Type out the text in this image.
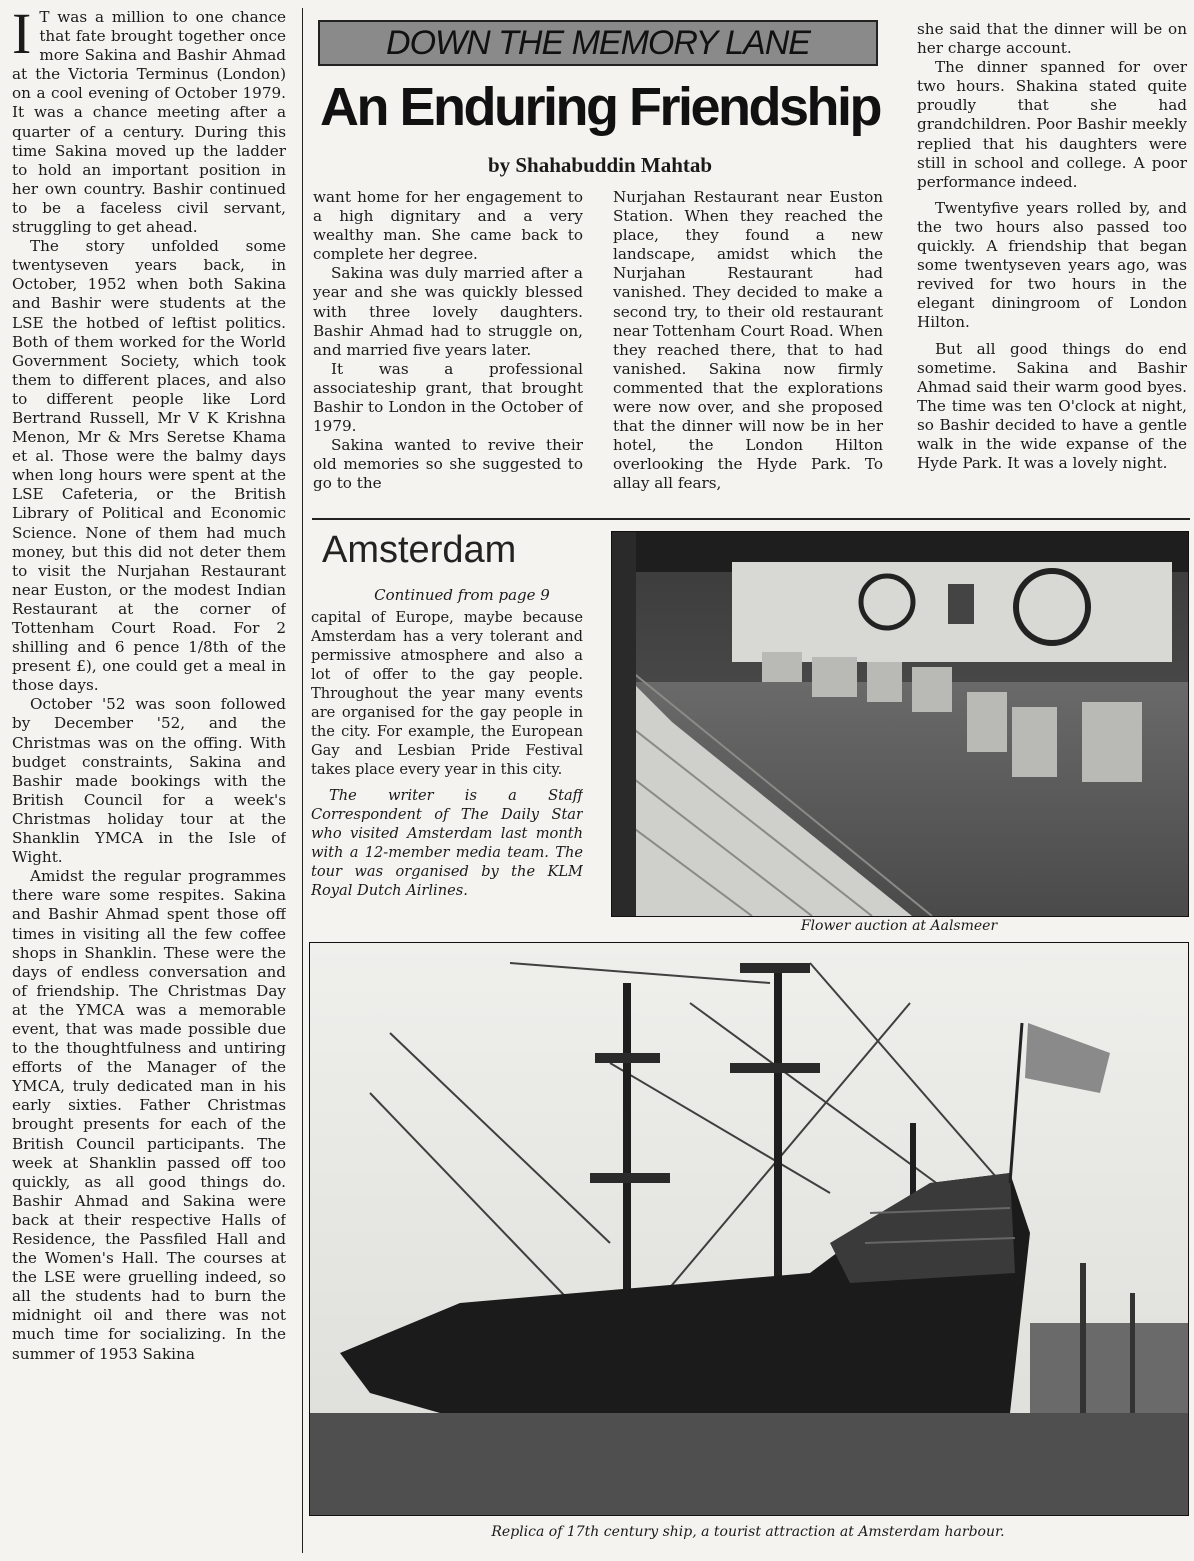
I T was a million to one chance that fate brought together once more Sakina and Bashir Ahmad at the Victoria Terminus (London) on a cool evening of October 1979. It was a chance meeting after a quarter of a century. During this time Sakina moved up the ladder to hold an important position in her own country. Bashir continued to be a faceless civil servant, struggling to get ahead.

The story unfolded some twentyseven years back, in October, 1952 when both Sakina and Bashir were students at the LSE the hotbed of leftist politics. Both of them worked for the World Government Society, which took them to different places, and also to different people like Lord Bertrand Russell, Mr V K Krishna Menon, Mr & Mrs Seretse Khama et al. Those were the balmy days when long hours were spent at the LSE Cafeteria, or the British Library of Political and Economic Science. None of them had much money, but this did not deter them to visit the Nurjahan Restaurant near Euston, or the modest Indian Restaurant at the corner of Tottenham Court Road. For 2 shilling and 6 pence 1/8th of the present £), one could get a meal in those days.

October '52 was soon followed by December '52, and the Christmas was on the offing. With budget constraints, Sakina and Bashir made bookings with the British Council for a week's Christmas holiday tour at the Shanklin YMCA in the Isle of Wight.

Amidst the regular programmes there ware some respites. Sakina and Bashir Ahmad spent those off times in visiting all the few coffee shops in Shanklin. These were the days of endless conversation and of friendship. The Christmas Day at the YMCA was a memorable event, that was made possible due to the thoughtfulness and untiring efforts of the Manager of the YMCA, truly dedicated man in his early sixties. Father Christmas brought presents for each of the British Council participants. The week at Shanklin passed off too quickly, as all good things do. Bashir Ahmad and Sakina were back at their respective Halls of Residence, the Passfiled Hall and the Women's Hall. The courses at the LSE were gruelling indeed, so all the students had to burn the midnight oil and there was not much time for socializing. In the summer of 1953 Sakina

DOWN THE MEMORY LANE
An Enduring Friendship
by Shahabuddin Mahtab

want home for her engagement to a high dignitary and a very wealthy man. She came back to complete her degree.

Sakina was duly married after a year and she was quickly blessed with three lovely daughters. Bashir Ahmad had to struggle on, and married five years later.

It was a professional associateship grant, that brought Bashir to London in the October of 1979.

Sakina wanted to revive their old memories so she suggested to go to the

Nurjahan Restaurant near Euston Station. When they reached the place, they found a new landscape, amidst which the Nurjahan Restaurant had vanished. They decided to make a second try, to their old restaurant near Tottenham Court Road. When they reached there, that to had vanished. Sakina now firmly commented that the explorations were now over, and she proposed that the dinner will now be in her hotel, the London Hilton overlooking the Hyde Park. To allay all fears,

she said that the dinner will be on her charge account.

The dinner spanned for over two hours. Shakina stated quite proudly that she had grandchildren. Poor Bashir meekly replied that his daughters were still in school and college. A poor performance indeed.

Twentyfive years rolled by, and the two hours also passed too quickly. A friendship that began some twentyseven years ago, was revived for two hours in the elegant diningroom of London Hilton.

But all good things do end sometime. Sakina and Bashir Ahmad said their warm good byes. The time was ten O'clock at night, so Bashir decided to have a gentle walk in the wide expanse of the Hyde Park. It was a lovely night.

Amsterdam
Continued from page 9

capital of Europe, maybe because Amsterdam has a very tolerant and permissive atmosphere and also a lot of offer to the gay people. Throughout the year many events are organised for the gay people in the city. For example, the European Gay and Lesbian Pride Festival takes place every year in this city.

The writer is a Staff Correspondent of The Daily Star who visited Amsterdam last month with a 12-member media team. The tour was organised by the KLM Royal Dutch Airlines.

Flower auction at Aalsmeer
Replica of 17th century ship, a tourist attraction at Amsterdam harbour.
